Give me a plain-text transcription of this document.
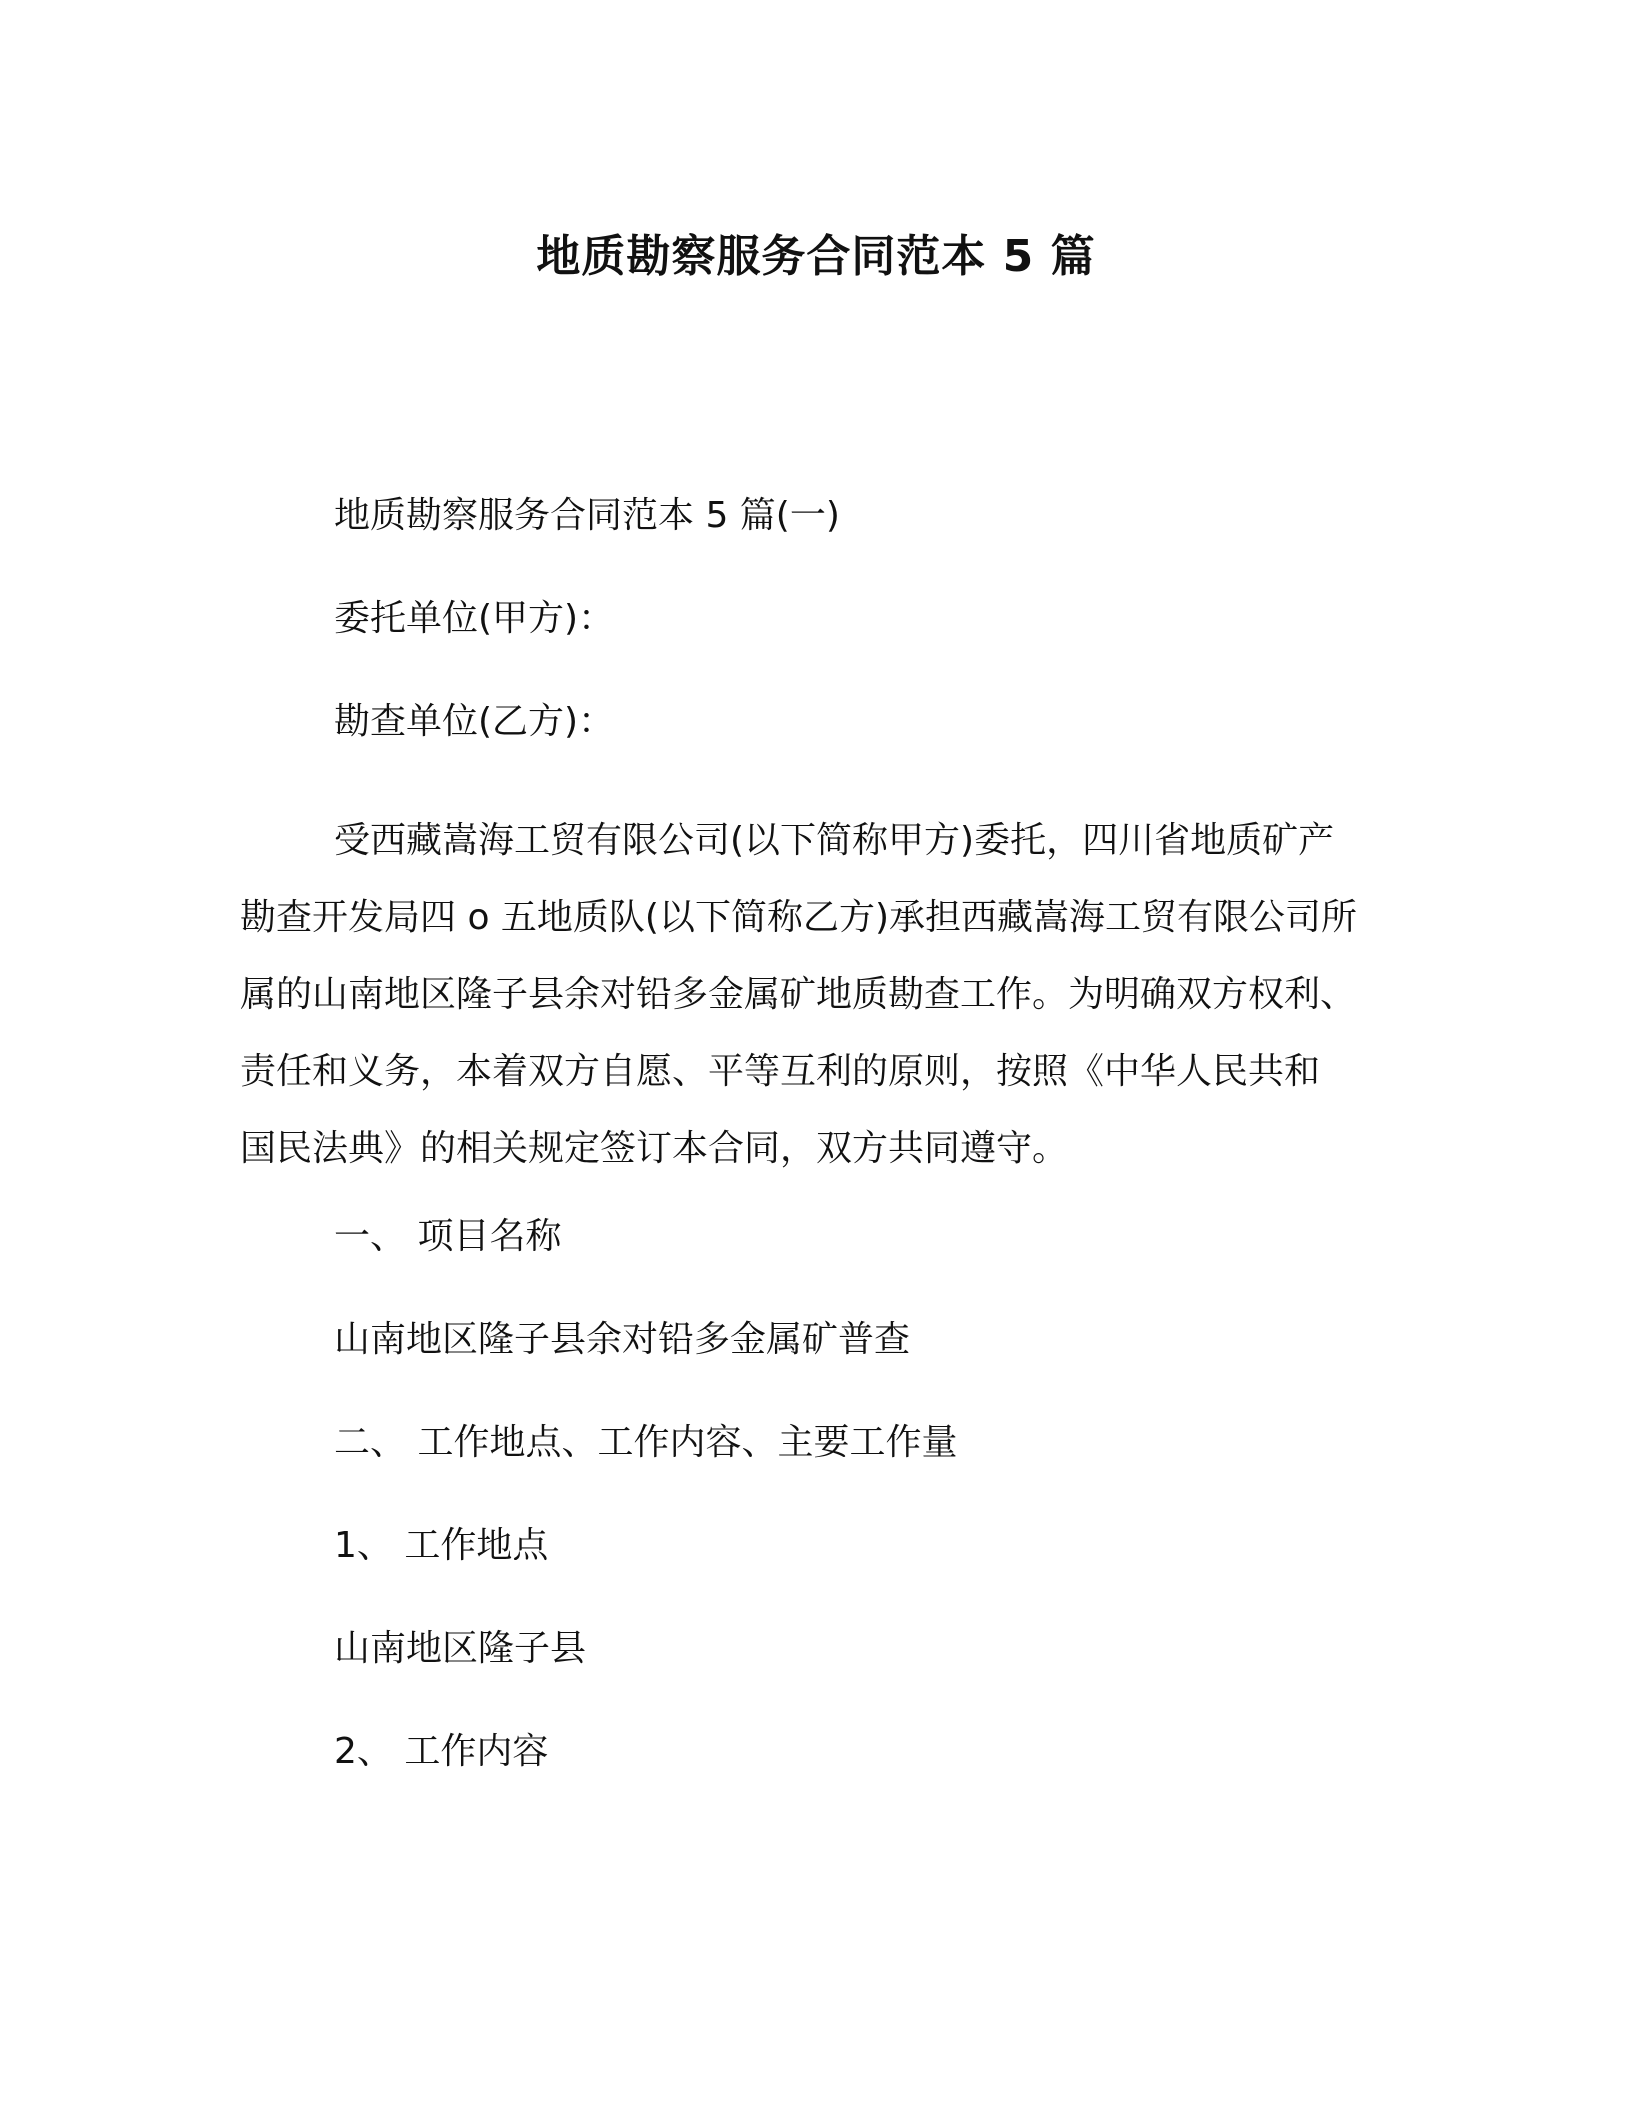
地质勘察服务合同范本 5 篇

地质勘察服务合同范本 5 篇(一)

委托单位(甲方)：

勘查单位(乙方)：

受西藏嵩海工贸有限公司(以下简称甲方)委托，四川省地质矿产
勘查开发局四 o 五地质队(以下简称乙方)承担西藏嵩海工贸有限公司所
属的山南地区隆子县余对铅多金属矿地质勘查工作。为明确双方权利、
责任和义务，本着双方自愿、平等互利的原则，按照《中华人民共和
国民法典》的相关规定签订本合同，双方共同遵守。

一、 项目名称

山南地区隆子县余对铅多金属矿普查

二、 工作地点、工作内容、主要工作量

1、 工作地点

山南地区隆子县

2、 工作内容
